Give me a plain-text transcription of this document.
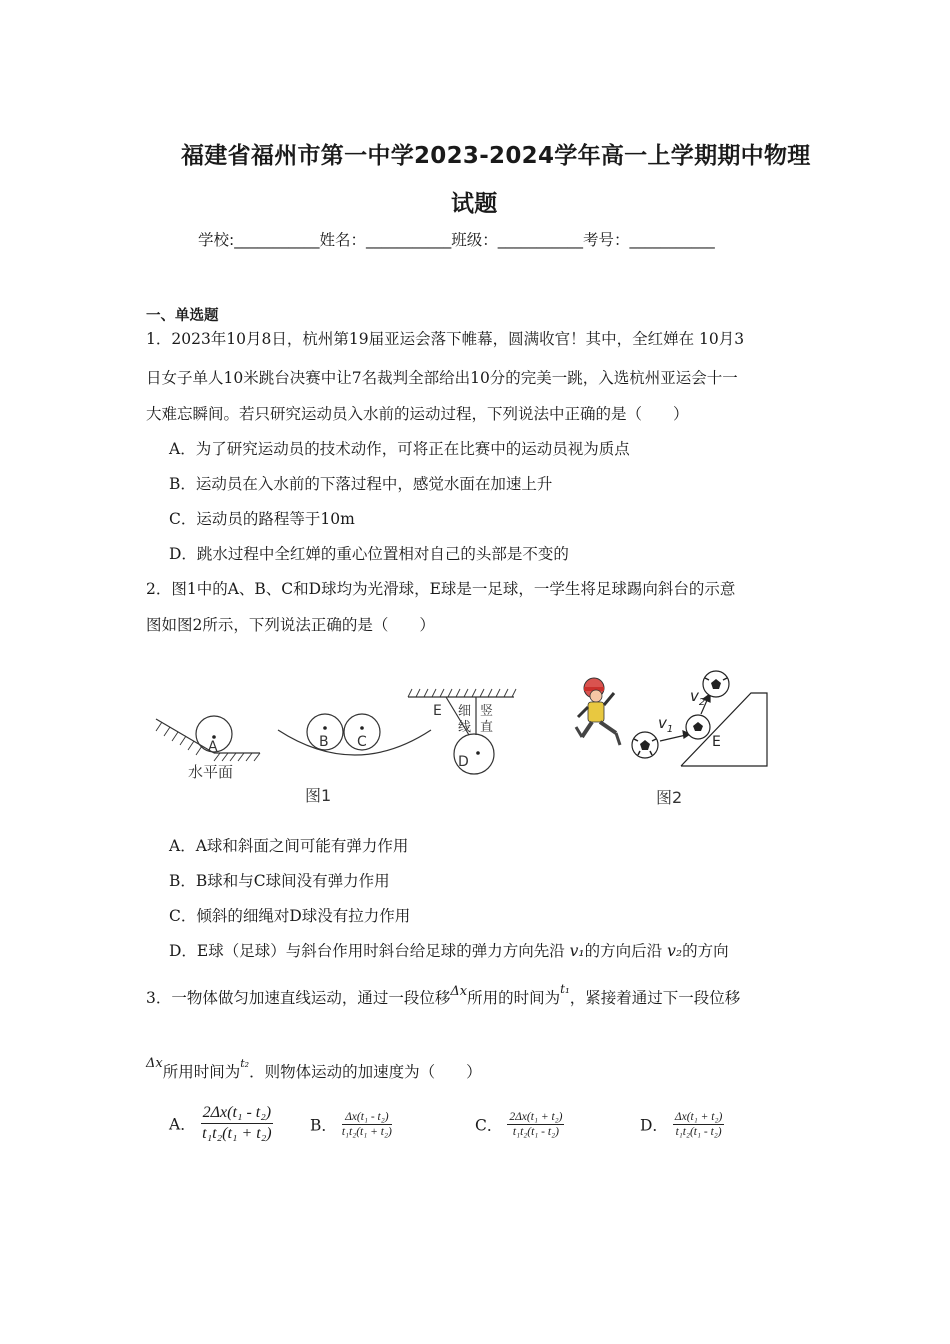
福建省福州市第一中学2023-2024学年高一上学期期中物理
试题
学校:___________姓名：___________班级：___________考号：___________
一、单选题
1．2023年10月8日，杭州第19届亚运会落下帷幕，圆满收官！其中，全红婵在 10月3
日女子单人10米跳台决赛中让7名裁判全部给出10分的完美一跳，入选杭州亚运会十一
大难忘瞬间。若只研究运动员入水前的运动过程，下列说法中正确的是（　　）
A．为了研究运动员的技术动作，可将正在比赛中的运动员视为质点
B．运动员在入水前的下落过程中，感觉水面在加速上升
C．运动员的路程等于10m
D．跳水过程中全红婵的重心位置相对自己的头部是不变的
2．图1中的A、B、C和D球均为光滑球，E球是一足球，一学生将足球踢向斜台的示意
图如图2所示，下列说法正确的是（　　）
A
水平面
B C
图1
E 细
线
竖
直
D
$v_1$
$v_2$
E
图2
A．A球和斜面之间可能有弹力作用
B．B球和与C球间没有弹力作用
C．倾斜的细绳对D球没有拉力作用
D．E球（足球）与斜台作用时斜台给足球的弹力方向先沿 v₁的方向后沿 v₂的方向
3．一物体做匀加速直线运动，通过一段位移$^{\Delta x}$所用的时间为$^{t_1}$，紧接着通过下一段位移
$^{\Delta x}$所用时间为$^{t_2}$．则物体运动的加速度为（　　）
A． $\frac{\text{2Δx(t₁ - t₂)}}{\text{t₁t₂(t₁ + t₂)}}$ B． $\frac{\text{Δx(t₁ - t₂)}}{\text{t₁t₂(t₁ + t₂)}}$	C． $\frac{\text{2Δx(t₁ + t₂)}}{\text{t₁t₂(t₁ - t₂)}}$	D． $\frac{\text{Δx(t₁ + t₂)}}{\text{t₁t₂(t₁ - t₂)}}$
